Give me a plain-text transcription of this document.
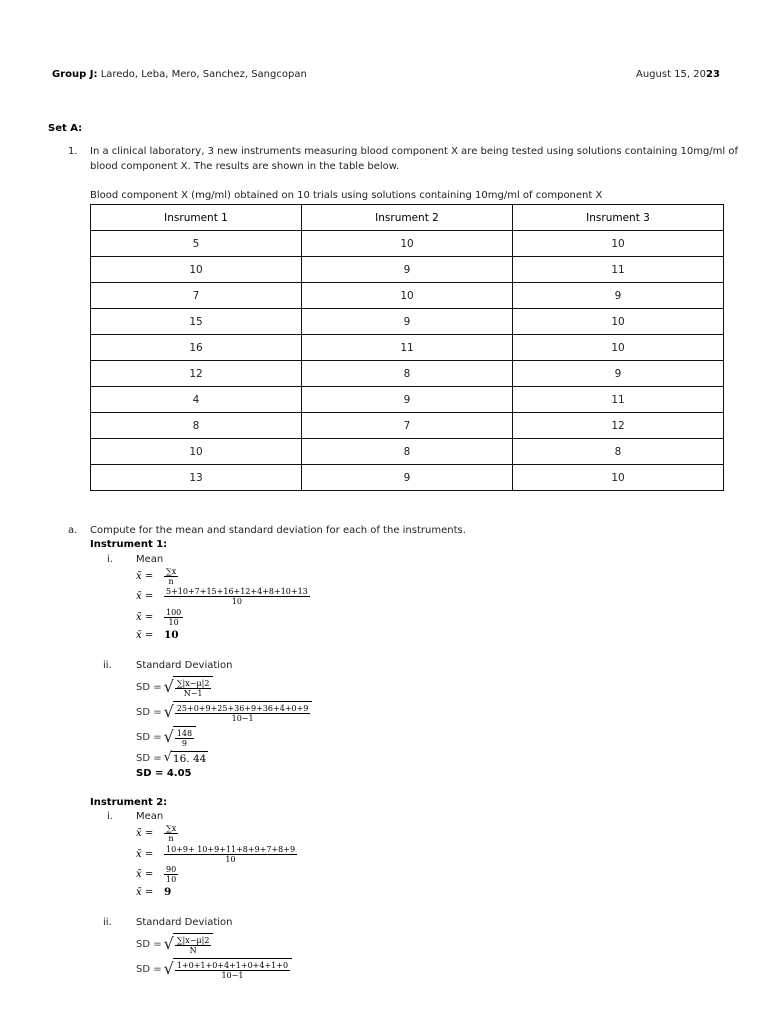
Group J: Laredo, Leba, Mero, Sanchez, Sangcopan	August 15, 2023
Set A:
1. In a clinical laboratory, 3 new instruments measuring blood component X are being tested using solutions containing 10mg/ml of
blood component X. The results are shown in the table below.
Blood component X (mg/ml) obtained on 10 trials using solutions containing 10mg/ml of component X
Insrument 1	Insrument 2	Insrument 3
5	10	10
10	9	11
7	10	9
15	9	10
16	11	10
12	8	9
4	9	11
8	7	12
10	8	8
13	9	10
a. Compute for the mean and standard deviation for each of the instruments.
Instrument 1:
i. Mean
x̄ =	$\frac{\sum x}{n}$
x̄ =	$\frac{5+10+7+15+16+12+4+8+10+13}{10}$
x̄ =	$\frac{100}{10}$
x̄ =	10
ii. Standard Deviation
SD = √ $\frac{\sum|x-\mu|2}{N-1}$
SD = √ $\frac{25+0+9+25+36+9+36+4+0+9}{10-1}$
SD = √ $\frac{148}{9}$
SD = √ 16. 44
SD = 4.05
Instrument 2:
i. Mean
x̄ =	$\frac{\sum x}{n}$
x̄ =	$\frac{10+9+ 10+9+11+8+9+7+8+9}{10}$
x̄ =	$\frac{90}{10}$
x̄ =	9
ii. Standard Deviation
SD = √ $\frac{\sum|x-\mu|2}{N}$
SD = √ $\frac{1+0+1+0+4+1+0+4+1+0}{10-1}$
